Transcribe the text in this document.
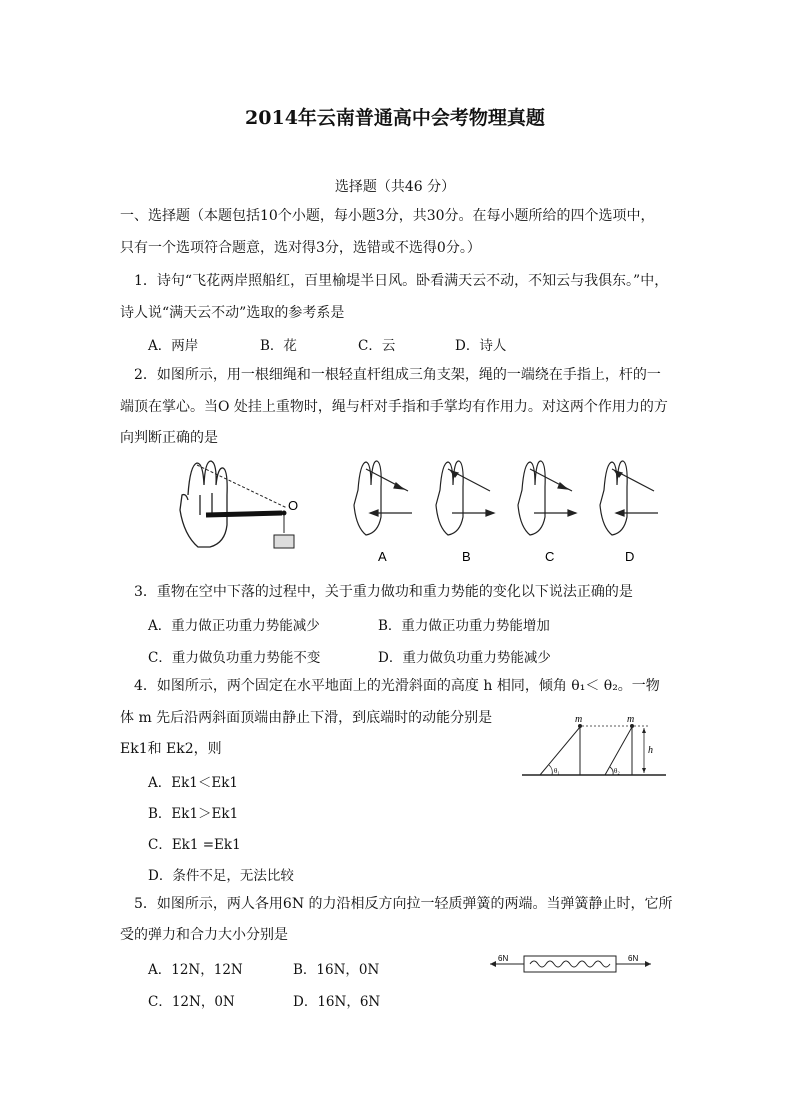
2014年云南普通高中会考物理真题
选择题（共46 分）
一、选择题（本题包括10个小题，每小题3分，共30分。在每小题所给的四个选项中，
只有一个选项符合题意，选对得3分，选错或不选得0分。）
1．诗句“飞花两岸照船红，百里榆堤半日风。卧看满天云不动，不知云与我俱东。”中，
诗人说“满天云不动”选取的参考系是
A．两岸	B．花	C．云	D．诗人
2．如图所示，用一根细绳和一根轻直杆组成三角支架，绳的一端绕在手指上，杆的一
端顶在掌心。当O 处挂上重物时，绳与杆对手指和手掌均有作用力。对这两个作用力的方
向判断正确的是
O
A	B	C	D
3．重物在空中下落的过程中，关于重力做功和重力势能的变化以下说法正确的是
A．重力做正功重力势能减少	B．重力做正功重力势能增加
C．重力做负功重力势能不变	D．重力做负功重力势能减少
4．如图所示，两个固定在水平地面上的光滑斜面的高度 h 相同，倾角 θ₁＜ θ₂。一物
体 m 先后沿两斜面顶端由静止下滑，到底端时的动能分别是
Ek1和 Ek2，则
A．Ek1＜Ek1
B．Ek1＞Ek1
C．Ek1 =Ek1
D．条件不足，无法比较
m	m
h
θ₁	θ₂
5．如图所示，两人各用6N 的力沿相反方向拉一轻质弹簧的两端。当弹簧静止时，它所
受的弹力和合力大小分别是
A．12N，12N	B．16N，0N
C．12N，0N	D．16N，6N
6N	6N
